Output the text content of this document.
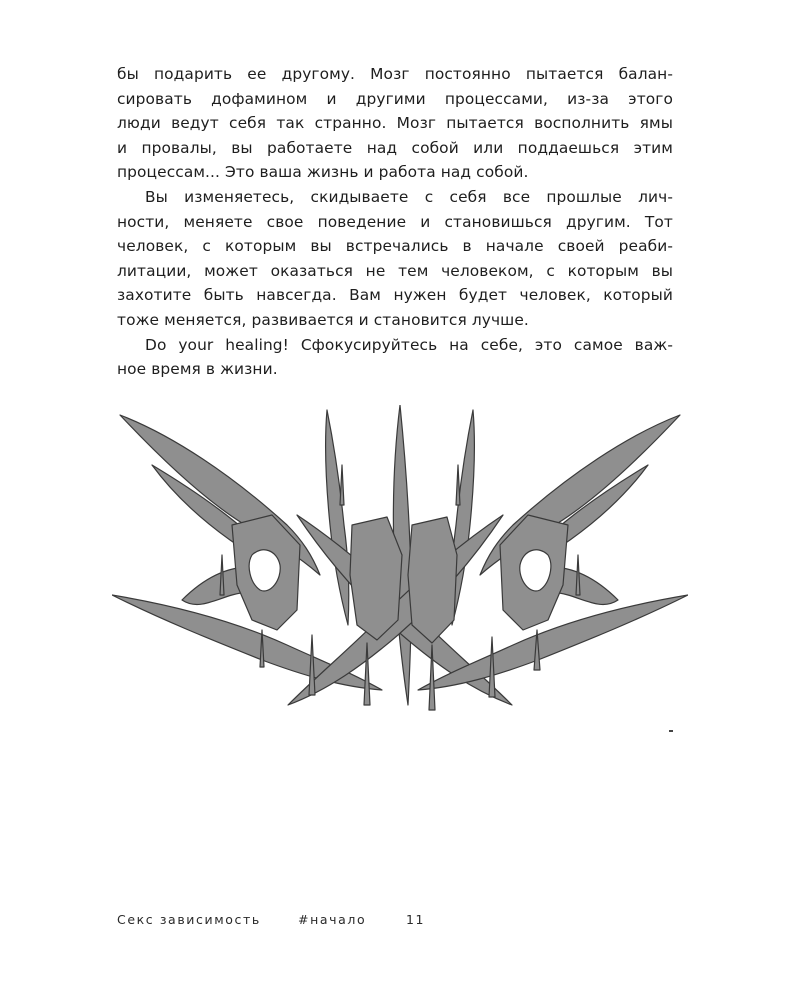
бы подарить ее другому. Мозг постоянно пытается балан-
сировать дофамином и другими процессами, из-за этого
люди ведут себя так странно. Мозг пытается восполнить ямы
и провалы, вы работаете над собой или поддаешься этим
процессам... Это ваша жизнь и работа над собой.
Вы изменяетесь, скидываете с себя все прошлые лич-
ности, меняете свое поведение и становишься другим. Тот
человек, с которым вы встречались в начале своей реаби-
литации, может оказаться не тем человеком, с которым вы
захотите быть навсегда. Вам нужен будет человек, который
тоже меняется, развивается и становится лучше.
Do your healing! Сфокусируйтесь на себе, это самое важ-
ное время в жизни.
Секс зависимость	#начало	11
